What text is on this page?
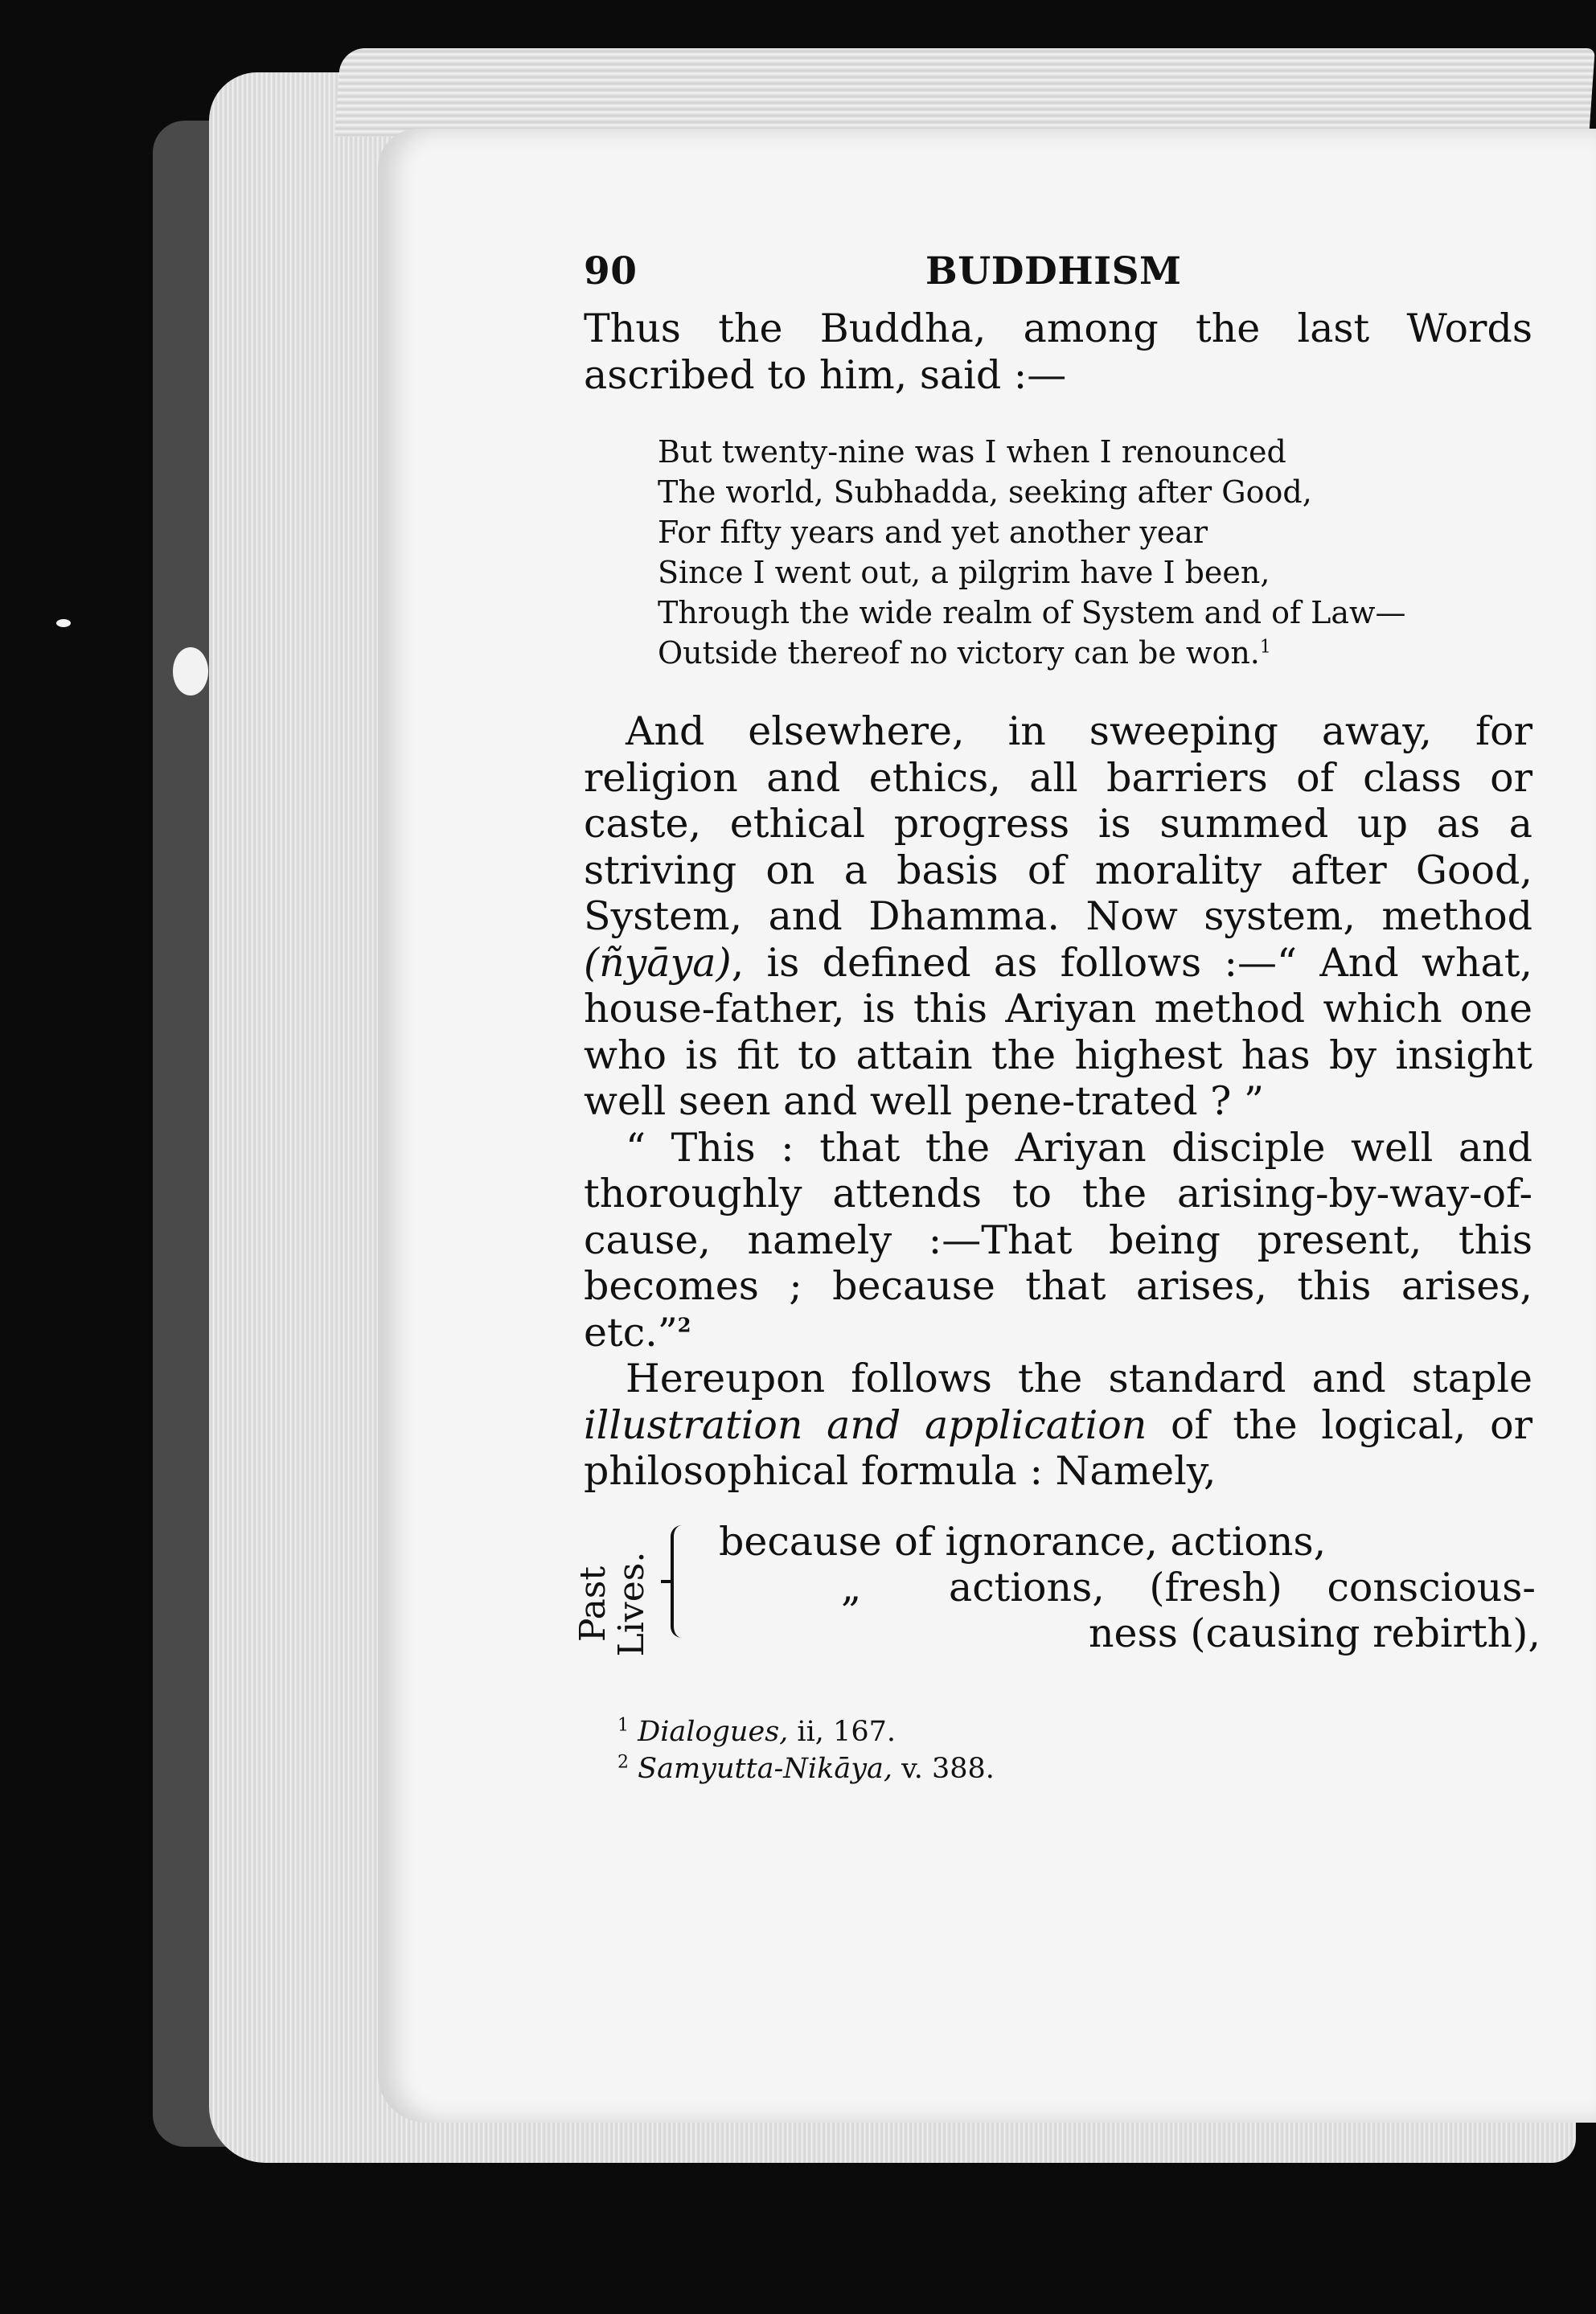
90	BUDDHISM

Thus the Buddha, among the last Words ascribed to him, said :—

But twenty-nine was I when I renounced
The world, Subhadda, seeking after Good,
For fifty years and yet another year
Since I went out, a pilgrim have I been,
Through the wide realm of System and of Law—
Outside thereof no victory can be won.$^1$

And elsewhere, in sweeping away, for religion and ethics, all barriers of class or caste, ethical progress is summed up as a striving on a basis of morality after Good, System, and Dhamma. Now system, method (ñyāya), is defined as follows :—“ And what, house-father, is this Ariyan method which one who is fit to attain the highest has by insight well seen and well pene-trated ? ”

“ This : that the Ariyan disciple well and thoroughly attends to the arising-by-way-of-cause, namely :—That being present, this becomes ; because that arises, this arises, etc.”$^2$

Hereupon follows the standard and staple illustration and application of the logical, or philosophical formula : Namely,

Past
Lives.
because of ignorance, actions,
„ actions, (fresh) conscious-
ness (causing rebirth),
$^1$ Dialogues, ii, 167.
$^2$ Samyutta-Nikāya, v. 388.
